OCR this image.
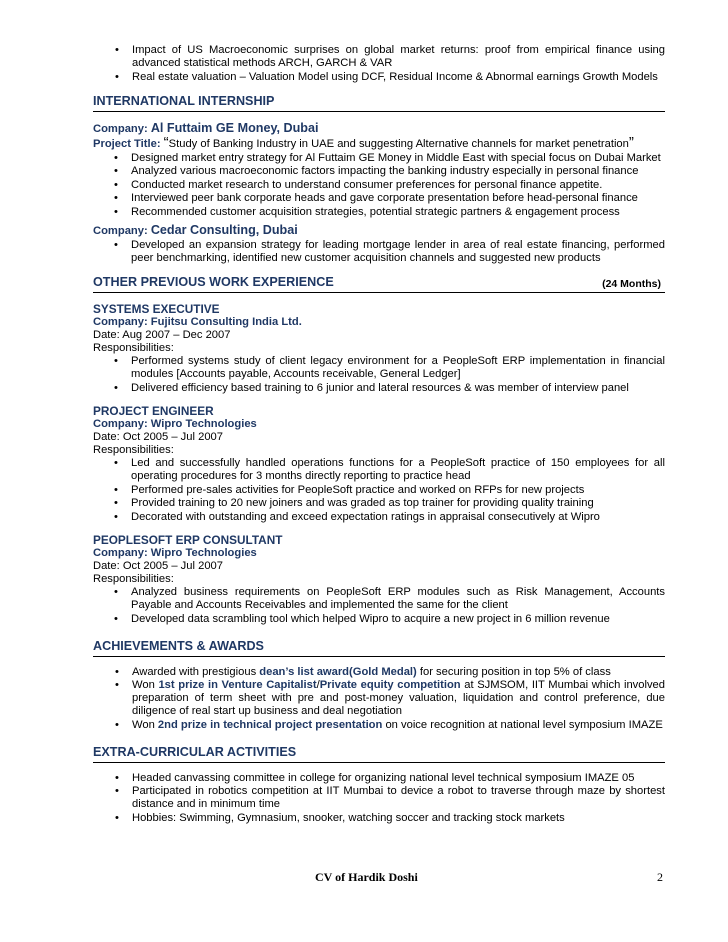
• Impact of US Macroeconomic surprises on global market returns: proof from empirical finance using advanced statistical methods ARCH, GARCH & VAR
• Real estate valuation – Valuation Model using DCF, Residual Income & Abnormal earnings Growth Models
INTERNATIONAL INTERNSHIP
Company: Al Futtaim GE Money, Dubai
Project Title: “Study of Banking Industry in UAE and suggesting Alternative channels for market penetration”
• Designed market entry strategy for Al Futtaim GE Money in Middle East with special focus on Dubai Market
• Analyzed various macroeconomic factors impacting the banking industry especially in personal finance
• Conducted market research to understand consumer preferences for personal finance appetite.
• Interviewed peer bank corporate heads and gave corporate presentation before head-personal finance
• Recommended customer acquisition strategies, potential strategic partners & engagement process
Company: Cedar Consulting, Dubai
• Developed an expansion strategy for leading mortgage lender in area of real estate financing, performed peer benchmarking, identified new customer acquisition channels and suggested new products
OTHER PREVIOUS WORK EXPERIENCE	(24 Months)
SYSTEMS EXECUTIVE
Company: Fujitsu Consulting India Ltd.
Date: Aug 2007 – Dec 2007
Responsibilities:
• Performed systems study of client legacy environment for a PeopleSoft ERP implementation in financial modules [Accounts payable, Accounts receivable, General Ledger]
• Delivered efficiency based training to 6 junior and lateral resources & was member of interview panel
PROJECT ENGINEER
Company: Wipro Technologies
Date: Oct 2005 – Jul 2007
Responsibilities:
• Led and successfully handled operations functions for a PeopleSoft practice of 150 employees for all operating procedures for 3 months directly reporting to practice head
• Performed pre-sales activities for PeopleSoft practice and worked on RFPs for new projects
• Provided training to 20 new joiners and was graded as top trainer for providing quality training
• Decorated with outstanding and exceed expectation ratings in appraisal consecutively at Wipro
PEOPLESOFT ERP CONSULTANT
Company: Wipro Technologies
Date: Oct 2005 – Jul 2007
Responsibilities:
• Analyzed business requirements on PeopleSoft ERP modules such as Risk Management, Accounts Payable and Accounts Receivables and implemented the same for the client
• Developed data scrambling tool which helped Wipro to acquire a new project in 6 million revenue
ACHIEVEMENTS & AWARDS
• Awarded with prestigious dean’s list award(Gold Medal) for securing position in top 5% of class
• Won 1st prize in Venture Capitalist/Private equity competition at SJMSOM, IIT Mumbai which involved preparation of term sheet with pre and post-money valuation, liquidation and control preference, due diligence of real start up business and deal negotiation
• Won 2nd prize in technical project presentation on voice recognition at national level symposium IMAZE
EXTRA-CURRICULAR ACTIVITIES
• Headed canvassing committee in college for organizing national level technical symposium IMAZE 05
• Participated in robotics competition at IIT Mumbai to device a robot to traverse through maze by shortest distance and in minimum time
• Hobbies: Swimming, Gymnasium, snooker, watching soccer and tracking stock markets
CV of Hardik Doshi	2
